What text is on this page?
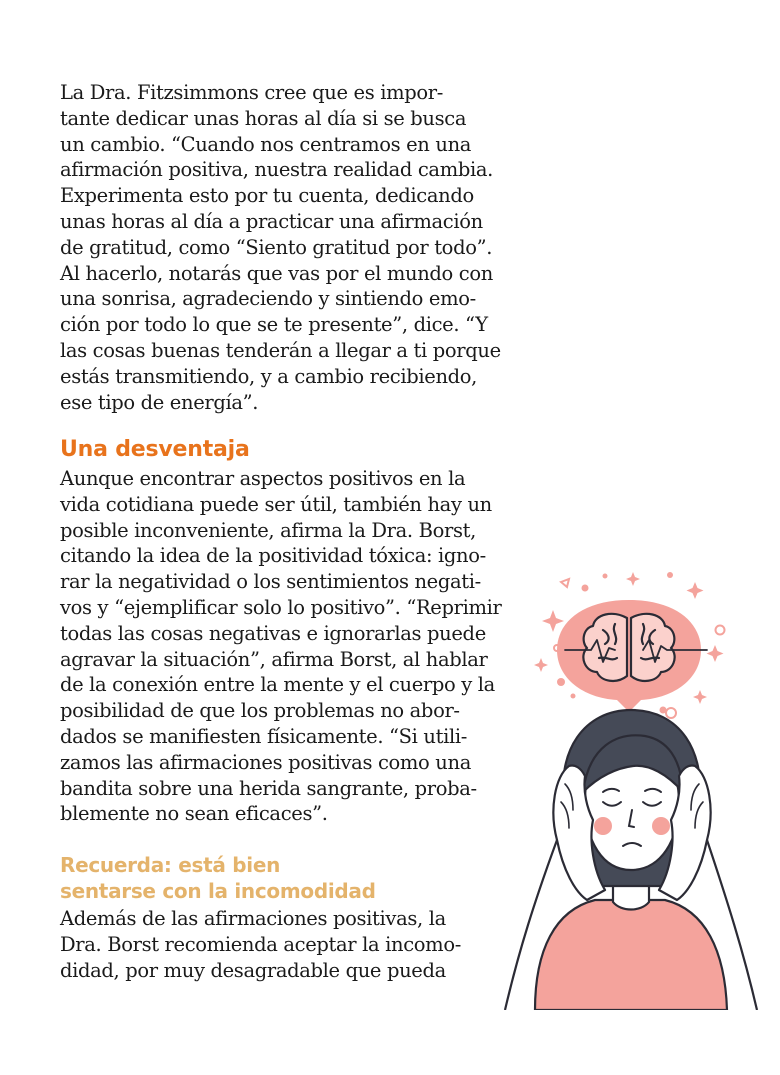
La Dra. Fitzsimmons cree que es impor-
tante dedicar unas horas al día si se busca
un cambio. “Cuando nos centramos en una
afirmación positiva, nuestra realidad cambia.
Experimenta esto por tu cuenta, dedicando
unas horas al día a practicar una afirmación
de gratitud, como “Siento gratitud por todo”.
Al hacerlo, notarás que vas por el mundo con
una sonrisa, agradeciendo y sintiendo emo-
ción por todo lo que se te presente”, dice. “Y
las cosas buenas tenderán a llegar a ti porque
estás transmitiendo, y a cambio recibiendo,
ese tipo de energía”.
Una desventaja
Aunque encontrar aspectos positivos en la
vida cotidiana puede ser útil, también hay un
posible inconveniente, afirma la Dra. Borst,
citando la idea de la positividad tóxica: igno-
rar la negatividad o los sentimientos negati-
vos y “ejemplificar solo lo positivo”. “Reprimir
todas las cosas negativas e ignorarlas puede
agravar la situación”, afirma Borst, al hablar
de la conexión entre la mente y el cuerpo y la
posibilidad de que los problemas no abor-
dados se manifiesten físicamente. “Si utili-
zamos las afirmaciones positivas como una
bandita sobre una herida sangrante, proba-
blemente no sean eficaces”.
Recuerda: está bien
sentarse con la incomodidad
Además de las afirmaciones positivas, la
Dra. Borst recomienda aceptar la incomo-
didad, por muy desagradable que pueda
